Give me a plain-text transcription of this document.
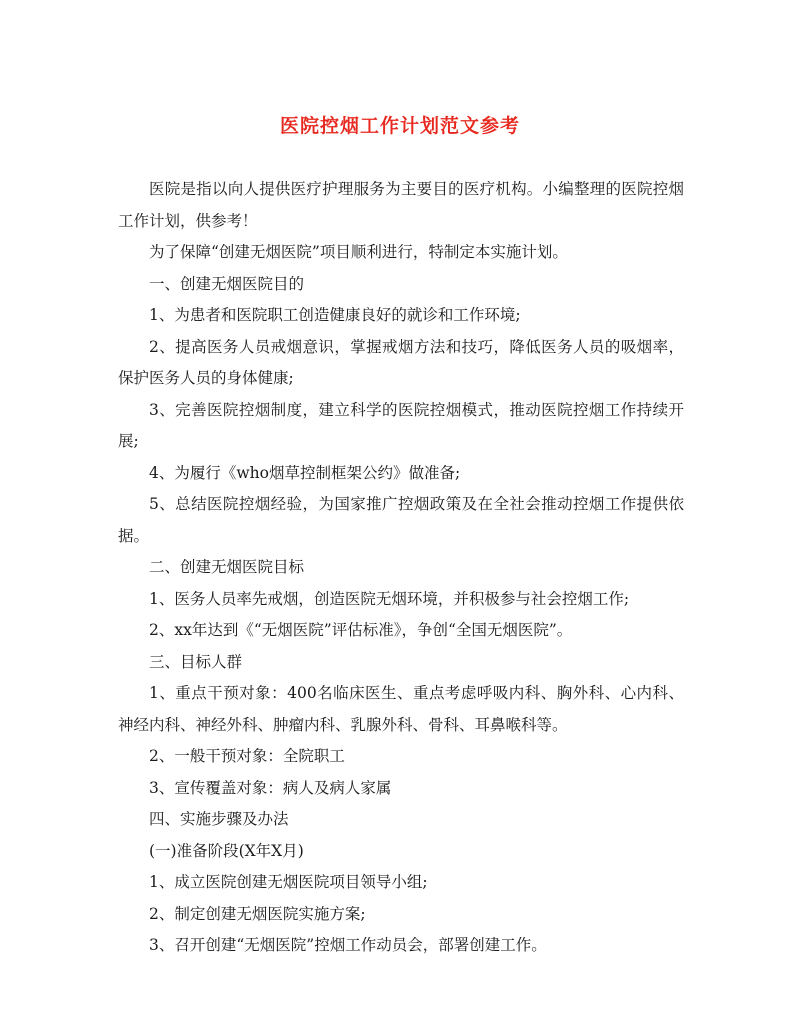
医院控烟工作计划范文参考

医院是指以向人提供医疗护理服务为主要目的医疗机构。小编整理的医院控烟工作计划，供参考！

为了保障“创建无烟医院”项目顺利进行，特制定本实施计划。

一、创建无烟医院目的

1、为患者和医院职工创造健康良好的就诊和工作环境;

2、提高医务人员戒烟意识，掌握戒烟方法和技巧，降低医务人员的吸烟率，保护医务人员的身体健康;

3、完善医院控烟制度，建立科学的医院控烟模式，推动医院控烟工作持续开展;

4、为履行《who烟草控制框架公约》做准备;

5、总结医院控烟经验，为国家推广控烟政策及在全社会推动控烟工作提供依据。

二、创建无烟医院目标

1、医务人员率先戒烟，创造医院无烟环境，并积极参与社会控烟工作;

2、xx年达到《“无烟医院”评估标准》，争创“全国无烟医院”。

三、目标人群

1、重点干预对象：400名临床医生、重点考虑呼吸内科、胸外科、心内科、神经内科、神经外科、肿瘤内科、乳腺外科、骨科、耳鼻喉科等。

2、一般干预对象：全院职工

3、宣传覆盖对象：病人及病人家属

四、实施步骤及办法

(一)准备阶段(X年X月)

1、成立医院创建无烟医院项目领导小组;

2、制定创建无烟医院实施方案;

3、召开创建“无烟医院”控烟工作动员会，部署创建工作。
